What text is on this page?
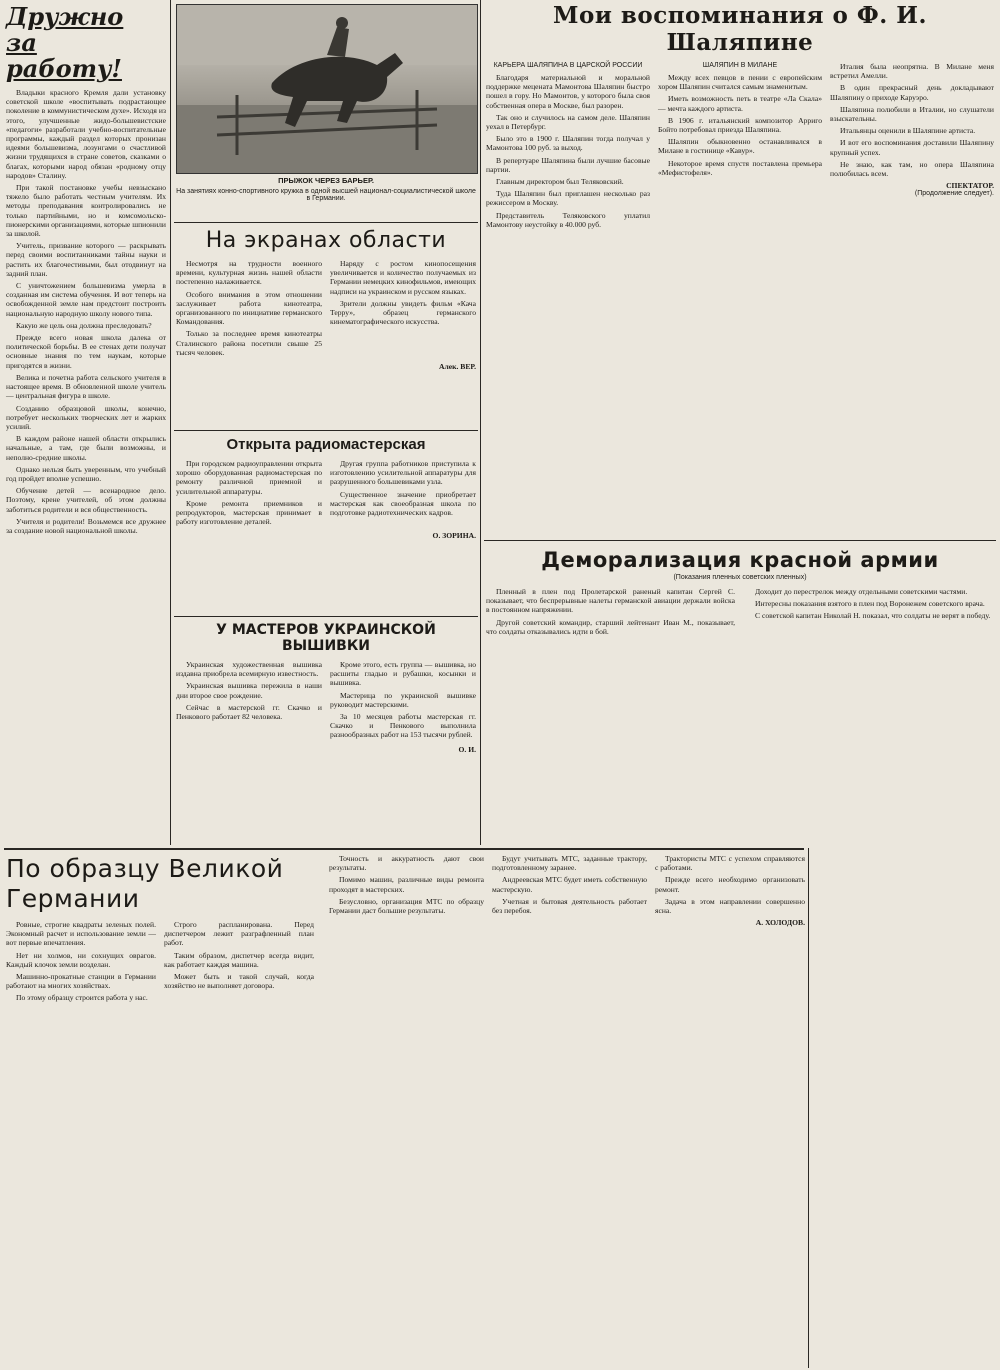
Дружно за работу!

Владыки красного Кремля дали установку советской школе «воспитывать подрастающее поколение в коммунистическом духе». Исходя из этого, улучшенные жидо-большевистские «педагоги» разработали учебно-воспитательные программы, каждый раздел которых пронизан идеями большевизма, лозунгами о счастливой жизни трудящихся в стране советов, сказками о благах, которыми народ обязан «родному отцу народов» Сталину.

При такой постановке учебы невзыскано тяжело было работать честным учителям. Их методы преподавания контролировались не только партийными, но и комсомольско-пионерскими организациями, которые шпионили за школой.

Учитель, призвание которого — раскрывать перед своими воспитанниками тайны науки и растить их благочестивыми, был отодвинут на задний план.

С уничтожением большевизма умерла в созданная им система обучения. И вот теперь на освобожденной земле нам предстоит построить национальную народную школу нового типа.

Какую же цель она должна преследовать?

Прежде всего новая школа далека от политической борьбы. В ее стенах дети получат основные знания по тем наукам, которые пригодятся в жизни.

Велика и почетна работа сельского учителя в настоящее время. В обновленной школе учитель — центральная фигура в школе.

Созданию образцовой школы, конечно, потребует нескольких творческих лет и жарких усилий.

В каждом районе нашей области открылись начальные, а там, где были возможны, и неполно-средние школы.

Однако нельзя быть уверенным, что учебный год пройдет вполне успешно.

Обучение детей — всенародное дело. Поэтому, крене учителей, об этом должны заботиться родители и вся общественность.

Учителя и родители! Возьмемся все дружнее за создание новой национальной школы.

ПРЫЖОК ЧЕРЕЗ БАРЬЕР.
На занятиях конно-спортивного кружка в одной высшей национал-социалистической школе в Германии.
На экранах области

Несмотря на трудности военного времени, культурная жизнь нашей области постепенно налаживается.

Особого внимания в этом отношении заслуживает работа кинотеатра, организованного по инициативе германского Командования.

Только за последнее время кинотеатры Сталинского района посетили свыше 25 тысяч человек.

Наряду с ростом кинопосещения увеличивается и количество получаемых из Германии немецких кинофильмов, имеющих надписи на украинском и русском языках.

Зрители должны увидеть фильм «Кача Терру», образец германского кинематографического искусства.

Алек. ВЕР.
Открыта радиомастерская

При городском радиоуправлении открыта хорошо оборудованная радиомастерская по ремонту различной приемной и усилительной аппаратуры.

Кроме ремонта приемников и репродукторов, мастерская принимает в работу изготовление деталей.

Другая группа работников приступила к изготовлению усилительной аппаратуры для разрушенного большевиками узла.

Существенное значение приобретает мастерская как своеобразная школа по подготовке радиотехнических кадров.

О. ЗОРИНА.
У МАСТЕРОВ УКРАИНСКОЙ ВЫШИВКИ

Украинская художественная вышивка издавна приобрела всемирную известность.

Украинская вышивка пережила в наши дни второе свое рождение.

Сейчас в мастерской гг. Скачко и Пенкового работает 82 человека.

Кроме этого, есть группа — вышивка, но расшиты гладью и рубашки, косынки и вышивка.

Мастерица по украинской вышивке руководит мастерскими.

За 10 месяцев работы мастерская гг. Скачко и Пенкового выполнила разнообразных работ на 153 тысячи рублей.

О. И.
Мои воспоминания о Ф. И. Шаляпине
КАРЬЕРА ШАЛЯПИНА В ЦАРСКОЙ РОССИИ

Благодаря материальной и моральной поддержке мецената Мамонтова Шаляпин быстро пошел в гору. Но Мамонтов, у которого была своя собственная опера в Москве, был разорен.

Так оно и случилось на самом деле. Шаляпин уехал в Петербург.

Было это в 1900 г. Шаляпин тогда получал у Мамонтова 100 руб. за выход.

В репертуаре Шаляпина были лучшие басовые партии.

Главным директором был Теляковский.

Туда Шаляпин был приглашен несколько раз режиссером в Москву.

Представитель Теляковского уплатил Мамонтову неустойку в 40.000 руб.

ШАЛЯПИН В МИЛАНЕ

Между всех певцов в пении с европейским хором Шаляпин считался самым знаменитым.

Иметь возможность петь в театре «Ла Скала» — мечта каждого артиста.

В 1906 г. итальянский композитор Арриго Бойто потребовал приезда Шаляпина.

Шаляпин обыкновенно останавливался в Милане в гостинице «Кавур».

Некоторое время спустя поставлена премьера «Мефистофеля».

Италия была неопрятна. В Милане меня встретил Амелли.

В один прекрасный день докладывают Шаляпину о приходе Каруэро.

Шаляпина полюбили в Италии, но слушатели взыскательны.

Итальянцы оценили в Шаляпине артиста.

И вот его воспоминания доставили Шаляпину крупный успех.

Не знаю, как там, но опера Шаляпина полюбилась всем.

СПЕКТАТОР.
(Продолжение следует).
Деморализация красной армии
(Показания пленных советских пленных)

Пленный в плен под Пролетарской раненый капитан Сергей С. показывает, что беспрерывные налеты германской авиации держали войска в постоянном напряжении.

Другой советский командир, старший лейтенант Иван М., показывает, что солдаты отказывались идти в бой.

Доходит до перестрелок между отдельными советскими частями.

Интересны показания взятого в плен под Воронежем советского врача.

С советской капитан Николай Н. показал, что солдаты не верят в победу.

По образцу Великой Германии

Ровные, строгие квадраты зеленых полей. Экономный расчет и использование земли — вот первые впечатления.

Нет ни холмов, ни сохнущих оврагов. Каждый клочок земли возделан.

Машинно-прокатные станции в Германии работают на многих хозяйствах.

По этому образцу строится работа у нас.

Строго распланирована. Перед диспетчером лежит разграфленный план работ.

Таким образом, диспетчер всегда видит, как работает каждая машина.

Может быть и такой случай, когда хозяйство не выполняет договора.

Точность и аккуратность дают свои результаты.

Помимо машин, различные виды ремонта проходят в мастерских.

Безусловно, организация МТС по образцу Германии даст большие результаты.

Будут учитывать МТС, заданные трактору, подготовленному заранее.

Андреевская МТС будет иметь собственную мастерскую.

Учетная и бытовая деятельность работает без перебоя.

Трактористы МТС с успехом справляются с работами.

Прежде всего необходимо организовать ремонт.

Задача в этом направлении совершенно ясна.

А. ХОЛОДОВ.
